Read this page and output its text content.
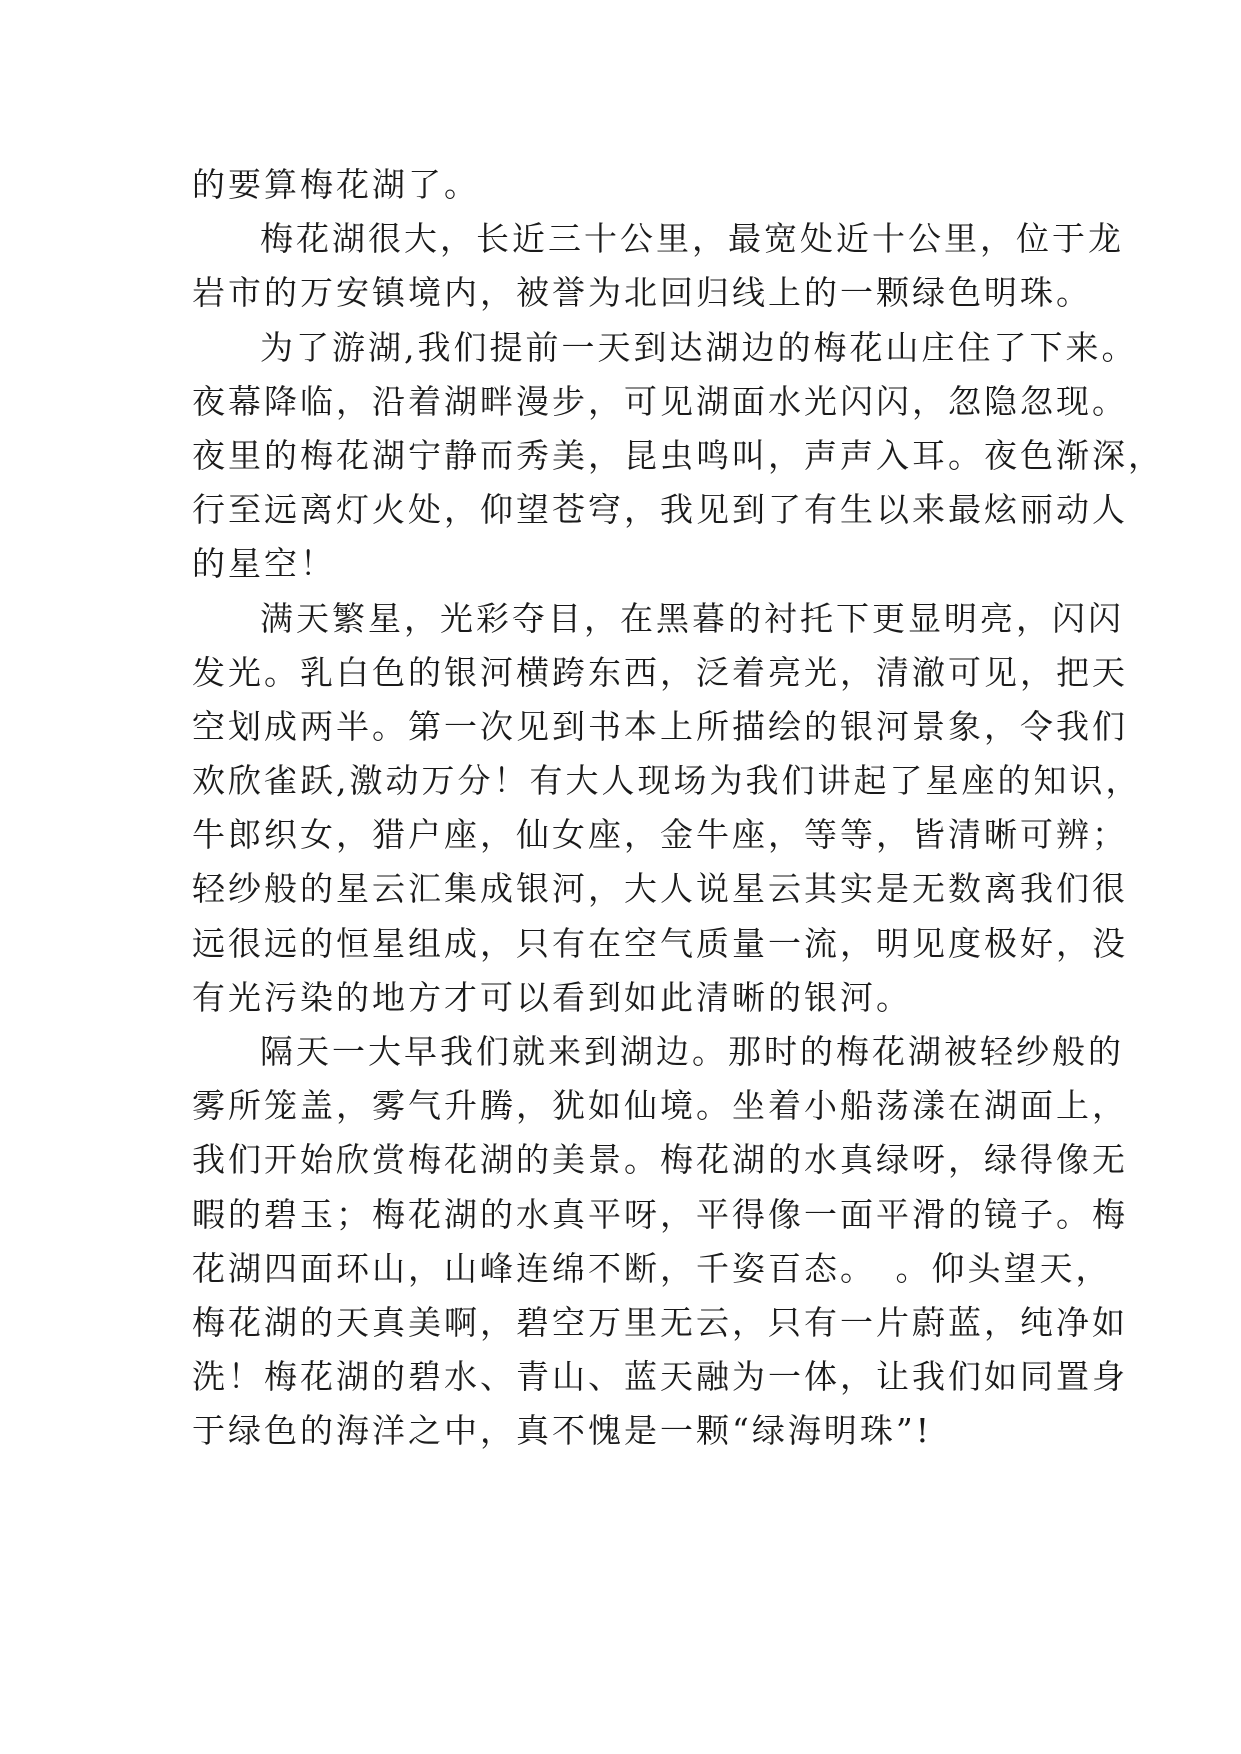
的要算梅花湖了。
梅花湖很大，长近三十公里，最宽处近十公里，位于龙
岩市的万安镇境内，被誉为北回归线上的一颗绿色明珠。
为了游湖,我们提前一天到达湖边的梅花山庄住了下来。
夜幕降临，沿着湖畔漫步，可见湖面水光闪闪，忽隐忽现。
夜里的梅花湖宁静而秀美，昆虫鸣叫，声声入耳。夜色渐深，
行至远离灯火处，仰望苍穹，我见到了有生以来最炫丽动人
的星空！
满天繁星，光彩夺目，在黑暮的衬托下更显明亮，闪闪
发光。乳白色的银河横跨东西，泛着亮光，清澈可见，把天
空划成两半。第一次见到书本上所描绘的银河景象，令我们
欢欣雀跃,激动万分！有大人现场为我们讲起了星座的知识，
牛郎织女，猎户座，仙女座，金牛座，等等，皆清晰可辨；
轻纱般的星云汇集成银河，大人说星云其实是无数离我们很
远很远的恒星组成，只有在空气质量一流，明见度极好，没
有光污染的地方才可以看到如此清晰的银河。
隔天一大早我们就来到湖边。那时的梅花湖被轻纱般的
雾所笼盖，雾气升腾，犹如仙境。坐着小船荡漾在湖面上，
我们开始欣赏梅花湖的美景。梅花湖的水真绿呀，绿得像无
暇的碧玉；梅花湖的水真平呀，平得像一面平滑的镜子。梅
花湖四面环山，山峰连绵不断，千姿百态。　。仰头望天，
梅花湖的天真美啊，碧空万里无云，只有一片蔚蓝，纯净如
洗！梅花湖的碧水、青山、蓝天融为一体，让我们如同置身
于绿色的海洋之中，真不愧是一颗“绿海明珠”!
